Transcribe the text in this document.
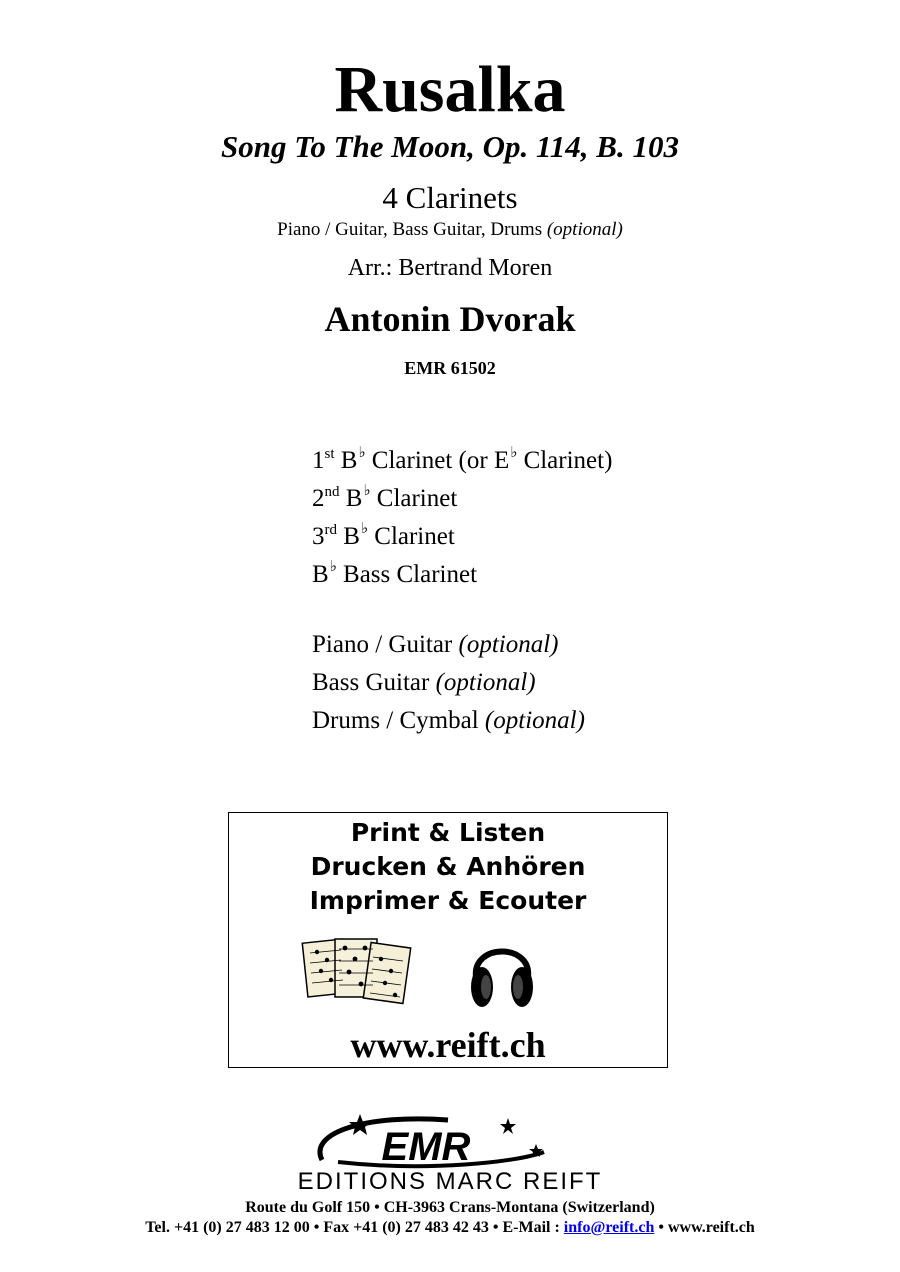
Rusalka
Song To The Moon, Op. 114, B. 103
4 Clarinets
Piano / Guitar, Bass Guitar, Drums (optional)
Arr.: Bertrand Moren
Antonin Dvorak
EMR 61502
1st B♭ Clarinet (or E♭ Clarinet)
2nd B♭ Clarinet
3rd B♭ Clarinet
B♭ Bass Clarinet
Piano / Guitar (optional)
Bass Guitar (optional)
Drums / Cymbal (optional)
Print & Listen
Drucken & Anhören
Imprimer & Ecouter
www.reift.ch
EMR
EDITIONS MARC REIFT
Route du Golf 150 • CH-3963 Crans-Montana (Switzerland)
Tel. +41 (0) 27 483 12 00 • Fax +41 (0) 27 483 42 43 • E-Mail : info@reift.ch • www.reift.ch
